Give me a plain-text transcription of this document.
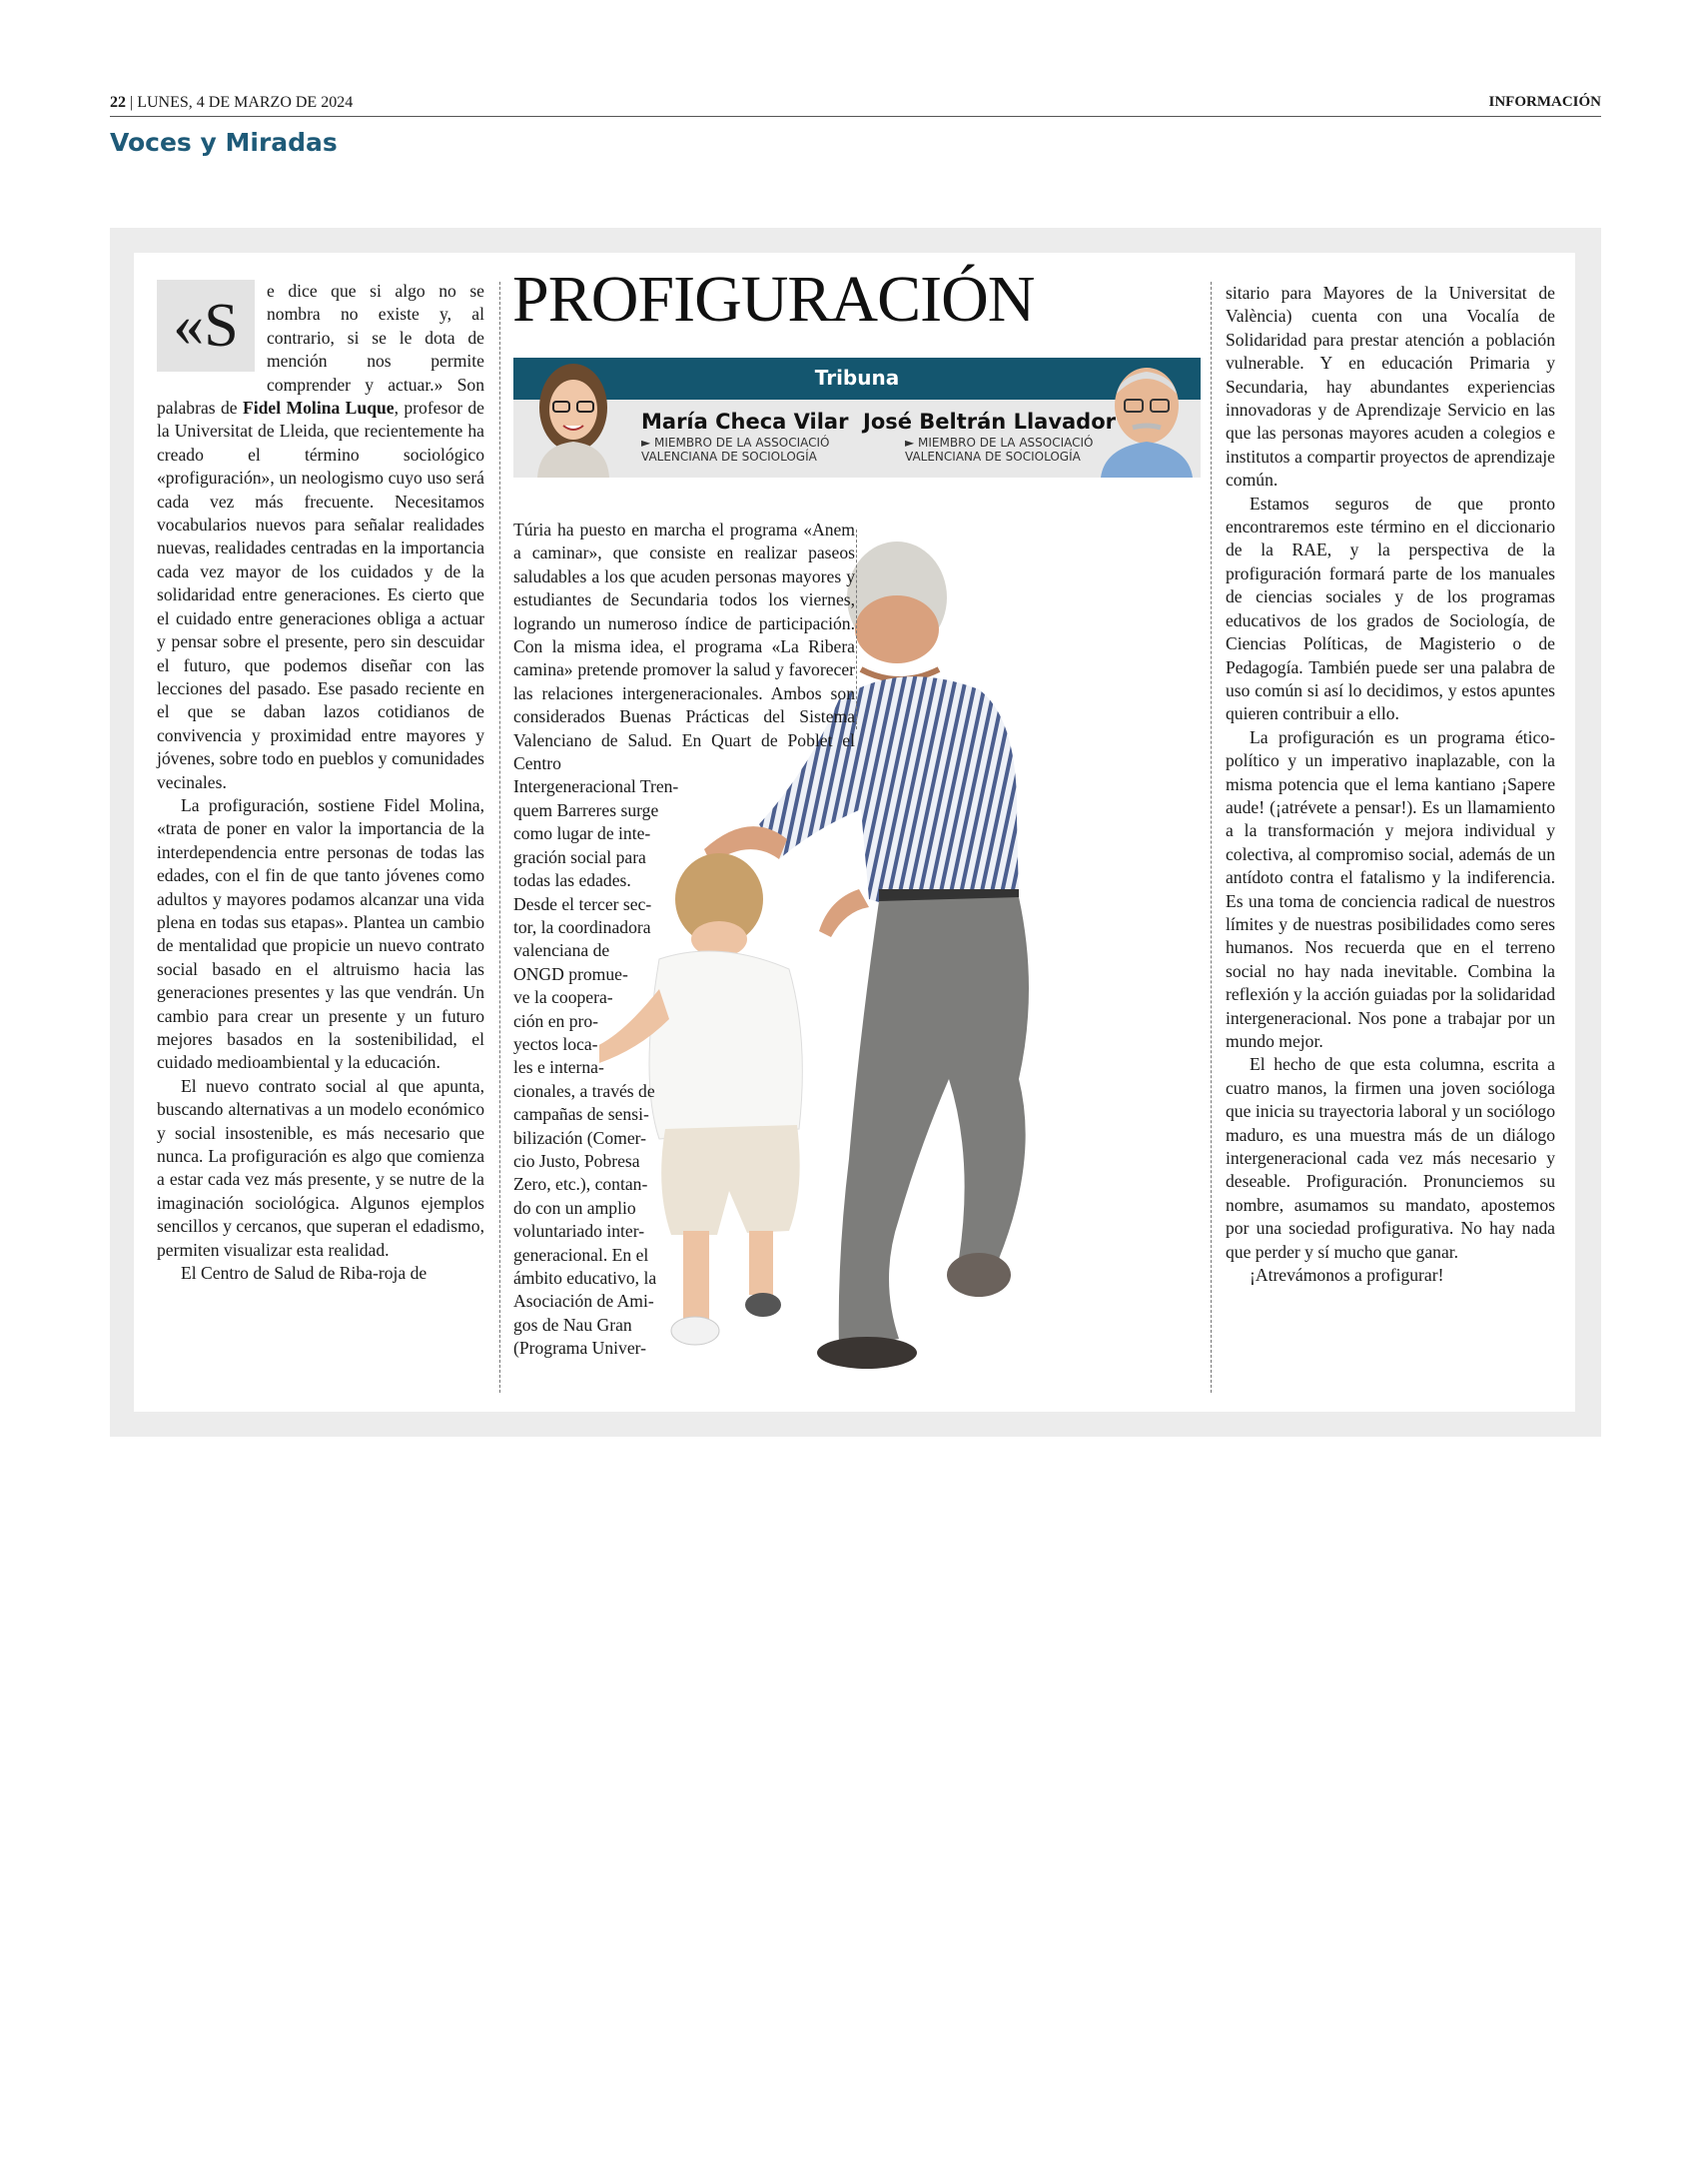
22 | LUNES, 4 DE MARZO DE 2024	INFORMACIÓN
Voces y Miradas
«S

e dice que si algo no se nombra no existe y, al contrario, si se le dota de mención nos permite comprender y actuar.» Son palabras de Fidel Molina Luque, profesor de la Universitat de Lleida, que recientemente ha creado el término sociológico «profiguración», un neologismo cuyo uso será cada vez más frecuente. Necesitamos vocabularios nuevos para señalar realidades nuevas, realidades centradas en la importancia cada vez mayor de los cuidados y de la solidaridad entre generaciones. Es cierto que el cuidado entre generaciones obliga a actuar y pensar sobre el presente, pero sin descuidar el futuro, que podemos diseñar con las lecciones del pasado. Ese pasado reciente en el que se daban lazos cotidianos de convivencia y proximidad entre mayores y jóvenes, sobre todo en pueblos y comunidades vecinales.

La profiguración, sostiene Fidel Molina, «trata de poner en valor la importancia de la interdependencia entre personas de todas las edades, con el fin de que tanto jóvenes como adultos y mayores podamos alcanzar una vida plena en todas sus etapas». Plantea un cambio de mentalidad que propicie un nuevo contrato social basado en el altruismo hacia las generaciones presentes y las que vendrán. Un cambio para crear un presente y un futuro mejores basados en la sostenibilidad, el cuidado medioambiental y la educación.

El nuevo contrato social al que apunta, buscando alternativas a un modelo económico y social insostenible, es más necesario que nunca. La profiguración es algo que comienza a estar cada vez más presente, y se nutre de la imaginación sociológica. Algunos ejemplos sencillos y cercanos, que superan el edadismo, permiten visualizar esta realidad.

El Centro de Salud de Riba-roja de

PROFIGURACIÓN
Tribuna
María Checa Vilar
► MIEMBRO DE LA ASSOCIACIÓ
VALENCIANA DE SOCIOLOGÍA
José Beltrán Llavador
► MIEMBRO DE LA ASSOCIACIÓ
VALENCIANA DE SOCIOLOGÍA

Túria ha puesto en marcha el programa «Anem a caminar», que consiste en realizar paseos saludables a los que acuden personas mayores y estudiantes de Secundaria todos los viernes, logrando un numeroso índice de participación. Con la misma idea, el programa «La Ribera camina» pretende promover la salud y favorecer las relaciones intergeneracionales. Ambos son considerados Buenas Prácticas del Sistema Valenciano de Salud. En Quart de Poblet el Centro

Intergeneracional Tren-
quem Barreres surge
como lugar de inte-
gración social para
todas las edades.
Desde el tercer sec-
tor, la coordinadora
valenciana de
ONGD promue-
ve la coopera-
ción en pro-
yectos loca-
les e interna-
cionales, a través de
campañas de sensi-
bilización (Comer-
cio Justo, Pobresa
Zero, etc.), contan-
do con un amplio
voluntariado inter-
generacional. En el
ámbito educativo, la
Asociación de Ami-
gos de Nau Gran
(Programa Univer-

sitario para Mayores de la Universitat de València) cuenta con una Vocalía de Solidaridad para prestar atención a población vulnerable. Y en educación Primaria y Secundaria, hay abundantes experiencias innovadoras y de Aprendizaje Servicio en las que las personas mayores acuden a colegios e institutos a compartir proyectos de aprendizaje común.

Estamos seguros de que pronto encontraremos este término en el diccionario de la RAE, y la perspectiva de la profiguración formará parte de los manuales de ciencias sociales y de los programas educativos de los grados de Sociología, de Ciencias Políticas, de Magisterio o de Pedagogía. También puede ser una palabra de uso común si así lo decidimos, y estos apuntes quieren contribuir a ello.

La profiguración es un programa ético-político y un imperativo inaplazable, con la misma potencia que el lema kantiano ¡Sapere aude! (¡atrévete a pensar!). Es un llamamiento a la transformación y mejora individual y colectiva, al compromiso social, además de un antídoto contra el fatalismo y la indiferencia. Es una toma de conciencia radical de nuestros límites y de nuestras posibilidades como seres humanos. Nos recuerda que en el terreno social no hay nada inevitable. Combina la reflexión y la acción guiadas por la solidaridad intergeneracional. Nos pone a trabajar por un mundo mejor.

El hecho de que esta columna, escrita a cuatro manos, la firmen una joven socióloga que inicia su trayectoria laboral y un sociólogo maduro, es una muestra más de un diálogo intergeneracional cada vez más necesario y deseable. Profiguración. Pronunciemos su nombre, asumamos su mandato, apostemos por una sociedad profigurativa. No hay nada que perder y sí mucho que ganar.

¡Atrevámonos a profigurar!
